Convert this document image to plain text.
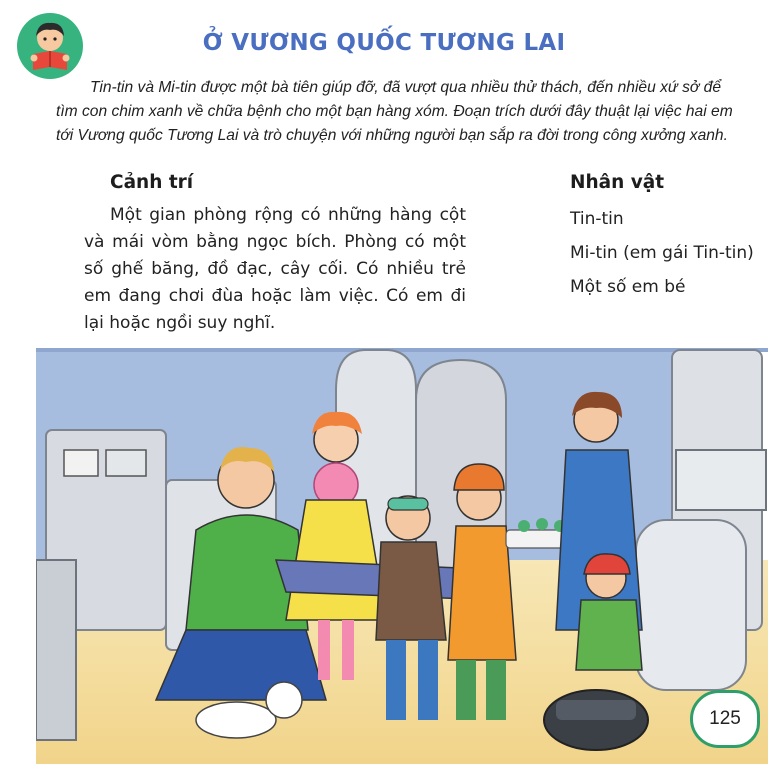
Ở VƯƠNG QUỐC TƯƠNG LAI

Tin-tin và Mi-tin được một bà tiên giúp đỡ, đã vượt qua nhiều thử thách, đến nhiều xứ sở để tìm con chim xanh về chữa bệnh cho một bạn hàng xóm. Đoạn trích dưới đây thuật lại việc hai em tới Vương quốc Tương Lai và trò chuyện với những người bạn sắp ra đời trong công xưởng xanh.

Cảnh trí

Một gian phòng rộng có những hàng cột và mái vòm bằng ngọc bích. Phòng có một số ghế băng, đồ đạc, cây cối. Có nhiều trẻ em đang chơi đùa hoặc làm việc. Có em đi lại hoặc ngồi suy nghĩ.

Nhân vật
Tin-tin
Mi-tin (em gái Tin-tin)
Một số em bé
125
